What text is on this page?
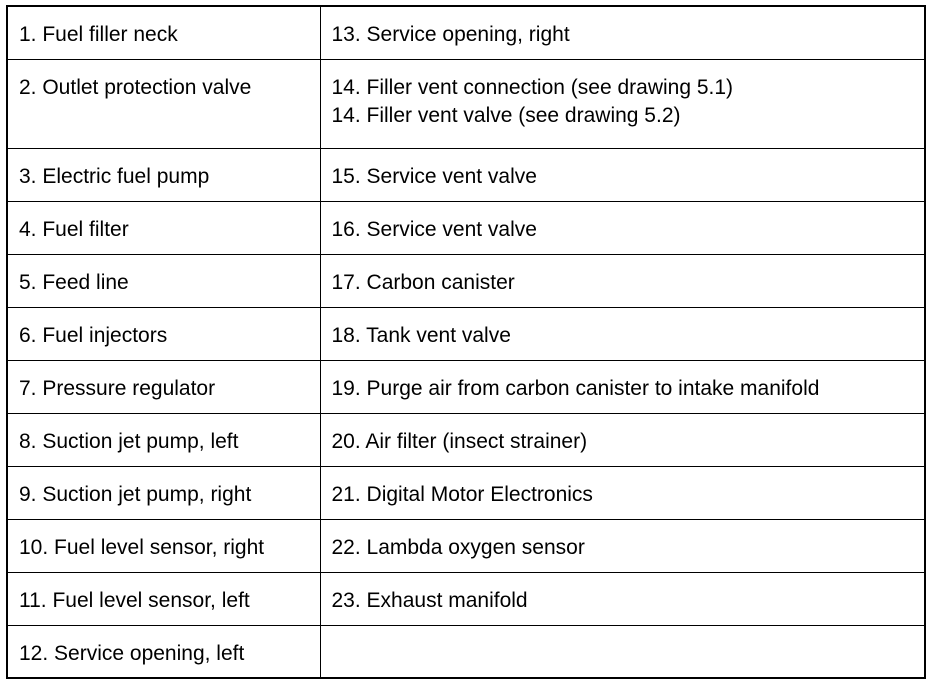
1. Fuel filler neck	13. Service opening, right

2. Outlet protection valve	14. Filler vent connection (see drawing 5.1)
14. Filler vent valve (see drawing 5.2)

3. Electric fuel pump	15. Service vent valve

4. Fuel filter	16. Service vent valve

5. Feed line	17. Carbon canister

6. Fuel injectors	18. Tank vent valve

7. Pressure regulator	19. Purge air from carbon canister to intake manifold

8. Suction jet pump, left	20. Air filter (insect strainer)

9. Suction jet pump, right	21. Digital Motor Electronics

10. Fuel level sensor, right	22. Lambda oxygen sensor

11. Fuel level sensor, left	23. Exhaust manifold

12. Service opening, left	
